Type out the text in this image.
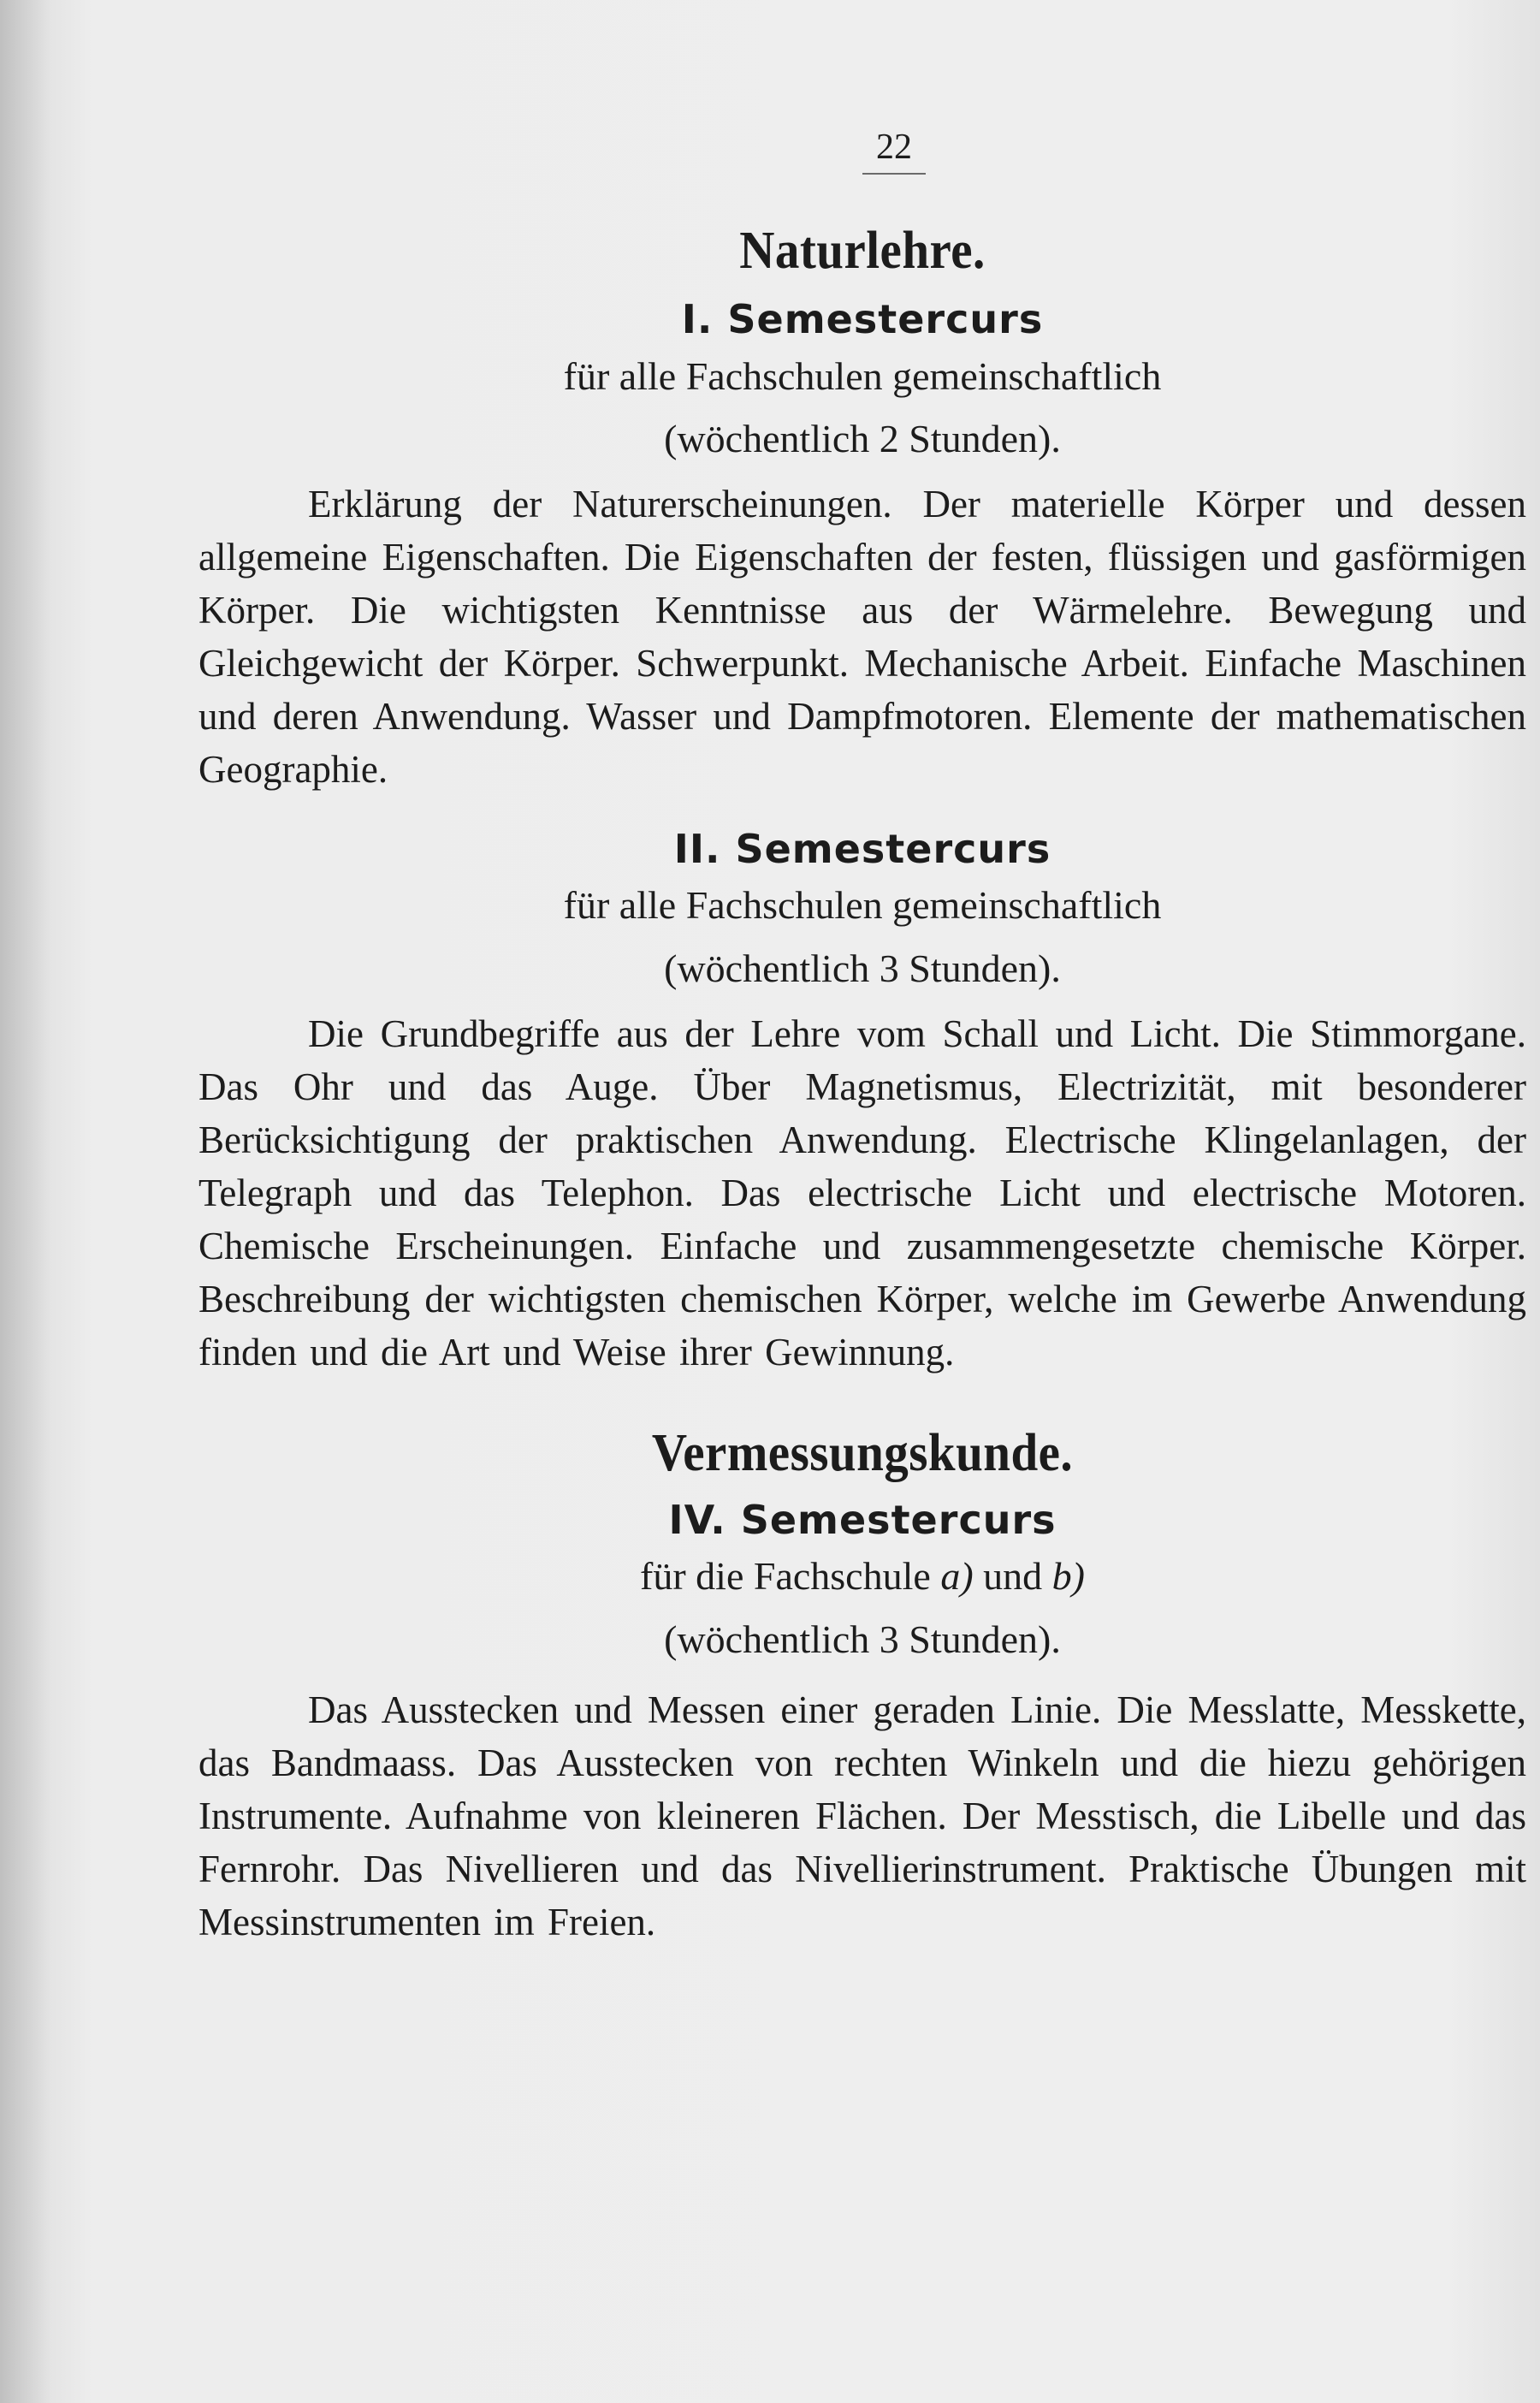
22
Naturlehre.
I. Semestercurs

für alle Fachschulen gemeinschaftlich

(wöchentlich 2 Stunden).

Erklärung der Naturerscheinungen. Der materielle Körper und dessen allgemeine Eigenschaften. Die Eigenschaften der festen, flüssigen und gasförmigen Körper. Die wichtigsten Kenntnisse aus der Wärmelehre. Bewegung und Gleichgewicht der Körper. Schwerpunkt. Mechanische Arbeit. Einfache Maschinen und deren Anwendung. Wasser und Dampfmotoren. Elemente der mathematischen Geographie.

II. Semestercurs

für alle Fachschulen gemeinschaftlich

(wöchentlich 3 Stunden).

Die Grundbegriffe aus der Lehre vom Schall und Licht. Die Stimmorgane. Das Ohr und das Auge. Über Magnetismus, Electrizität, mit besonderer Berücksichtigung der praktischen Anwendung. Electrische Klingelanlagen, der Telegraph und das Telephon. Das electrische Licht und electrische Motoren. Chemische Erscheinungen. Einfache und zusammengesetzte chemische Körper. Beschreibung der wichtigsten chemischen Körper, welche im Gewerbe Anwendung finden und die Art und Weise ihrer Gewinnung.

Vermessungskunde.
IV. Semestercurs

für die Fachschule a) und b)

(wöchentlich 3 Stunden).

Das Ausstecken und Messen einer geraden Linie. Die Messlatte, Messkette, das Bandmaass. Das Ausstecken von rechten Winkeln und die hiezu gehörigen Instrumente. Aufnahme von kleineren Flächen. Der Messtisch, die Libelle und das Fernrohr. Das Nivellieren und das Nivellierinstrument. Praktische Übungen mit Messinstrumenten im Freien.
